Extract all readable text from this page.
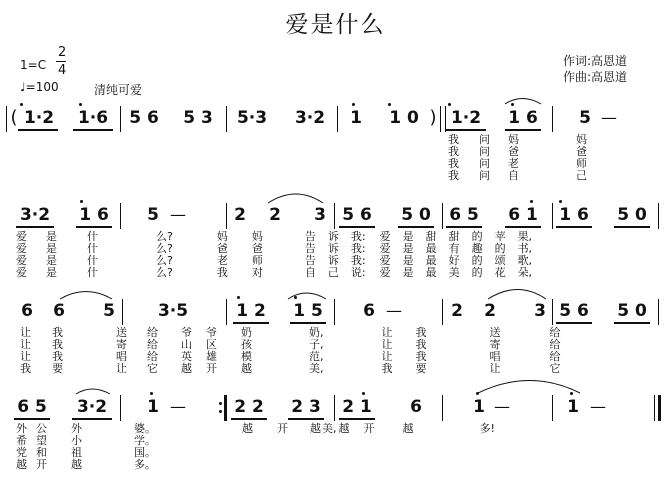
爱是什么
1=C
2
4
♩=100	清纯可爱
作词:高恩道
作曲:高恩道
( 1·2 1·6 5 6 5 3 5·3 3·2 1 1 0 ) 1·2 1 6 5 —
我 问 妈	妈
我 问 爸	爸
我 问 老	师
我 问 自	己
3·2 1 6 5 —	2 2 3 5 6 5 0 6 5 6 1 1 6 5 0
爱 是	什	么?	妈 妈	告 诉 我: 爱 是 甜 甜 的 苹 果,
爱 是	什	么?	爸 爸	告 诉 我: 爱 是 最 有 趣 的 书,
爱 是	什	么?	老 师	告 诉 我: 爱 是 最 好 的 颂 歌,
爱 是	什	么?	我 对	自 己 说: 爱 是 最 美 的 花 朵,
6 6 5	3·5	1 2 1 5 6 —	2 2 3 5 6 5 0
让 我	送 给 爷 爷 奶	奶,	让 我	送	给
让 我	寄 给 山 区 孩	子,	让 我	寄	给
让 我	唱 给 英 雄 模	范,	让 我	唱	给
我 要	让 它 越 开 越	美,	我 要	让	它
6 5 3·2 1 —	2 2 2 3 2 1 6	1 —	1 —
外 公 外	婆。	越 开 越美, 越 开	越	多!
希 望 小	学。
党 和 祖	国。
越 开 越	多。
